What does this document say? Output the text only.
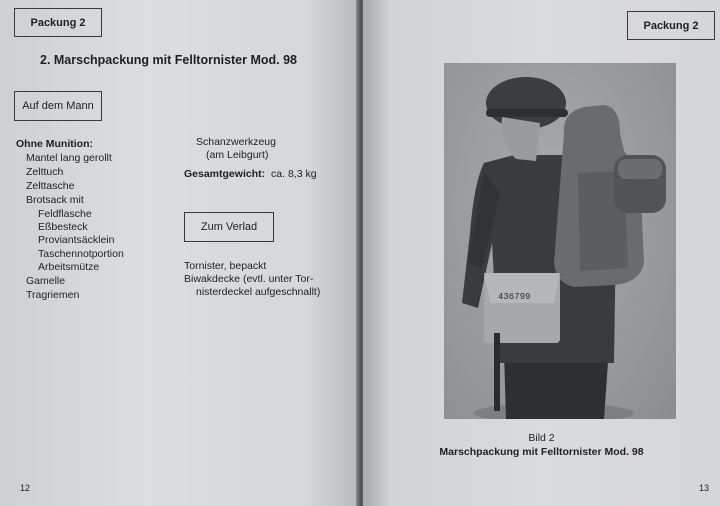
Packung 2
2. Marschpackung mit Felltornister Mod. 98
Auf dem Mann
Ohne Munition:
Mantel lang gerollt
Zelttuch
Zelttasche
Brotsack mit
Feldflasche
Eßbesteck
Proviantsäcklein
Taschennotportion
Arbeitsmütze
Gamelle
Tragriemen
Schanzwerkzeug
(am Leibgurt)
Gesamtgewicht: ca. 8,3 kg
Zum Verlad
Tornister, bepackt
Biwakdecke (evtl. unter Tor-
nisterdeckel aufgeschnallt)
12
Packung 2
Bild 2
Marschpackung mit Felltornister Mod. 98
13
436799
